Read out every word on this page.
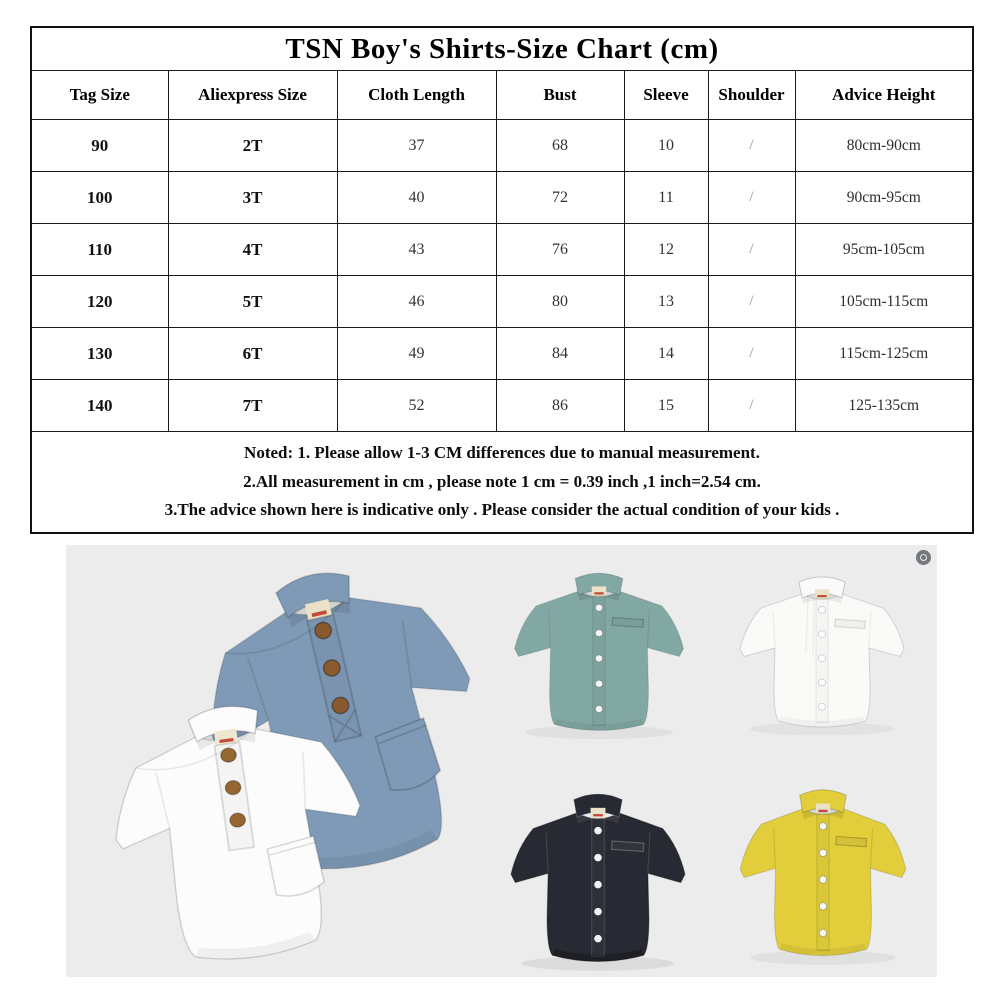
TSN Boy's Shirts-Size Chart (cm)						
Tag Size	Aliexpress Size	Cloth Length	Bust	Sleeve	Shoulder	Advice Height
90	2T	37	68	10	/	80cm-90cm
100	3T	40	72	11	/	90cm-95cm
110	4T	43	76	12	/	95cm-105cm
120	5T	46	80	13	/	105cm-115cm
130	6T	49	84	14	/	115cm-125cm
140	7T	52	86	15	/	125-135cm

Noted: 1. Please allow 1-3 CM differences due to manual measurement.
2.All measurement in cm , please note 1 cm = 0.39 inch ,1 inch=2.54 cm.
3.The advice shown here is indicative only . Please consider the actual condition of your kids .						
